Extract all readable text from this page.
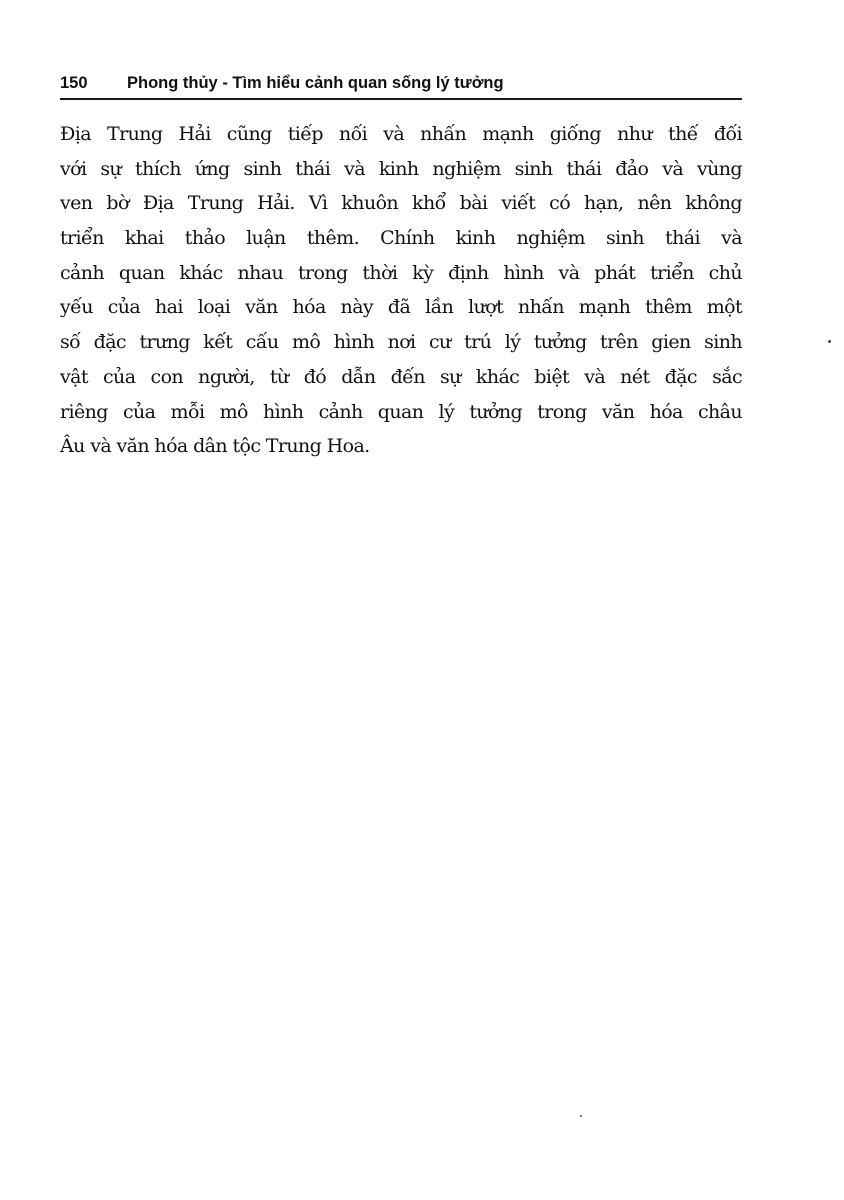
150 Phong thủy - Tìm hiểu cảnh quan sống lý tưởng
Địa Trung Hải cũng tiếp nối và nhấn mạnh giống như thế đối
với sự thích ứng sinh thái và kinh nghiệm sinh thái đảo và vùng
ven bờ Địa Trung Hải. Vì khuôn khổ bài viết có hạn, nên không
triển khai thảo luận thêm. Chính kinh nghiệm sinh thái và
cảnh quan khác nhau trong thời kỳ định hình và phát triển chủ
yếu của hai loại văn hóa này đã lần lượt nhấn mạnh thêm một
số đặc trưng kết cấu mô hình nơi cư trú lý tưởng trên gien sinh
vật của con người, từ đó dẫn đến sự khác biệt và nét đặc sắc
riêng của mỗi mô hình cảnh quan lý tưởng trong văn hóa châu
Âu và văn hóa dân tộc Trung Hoa.
